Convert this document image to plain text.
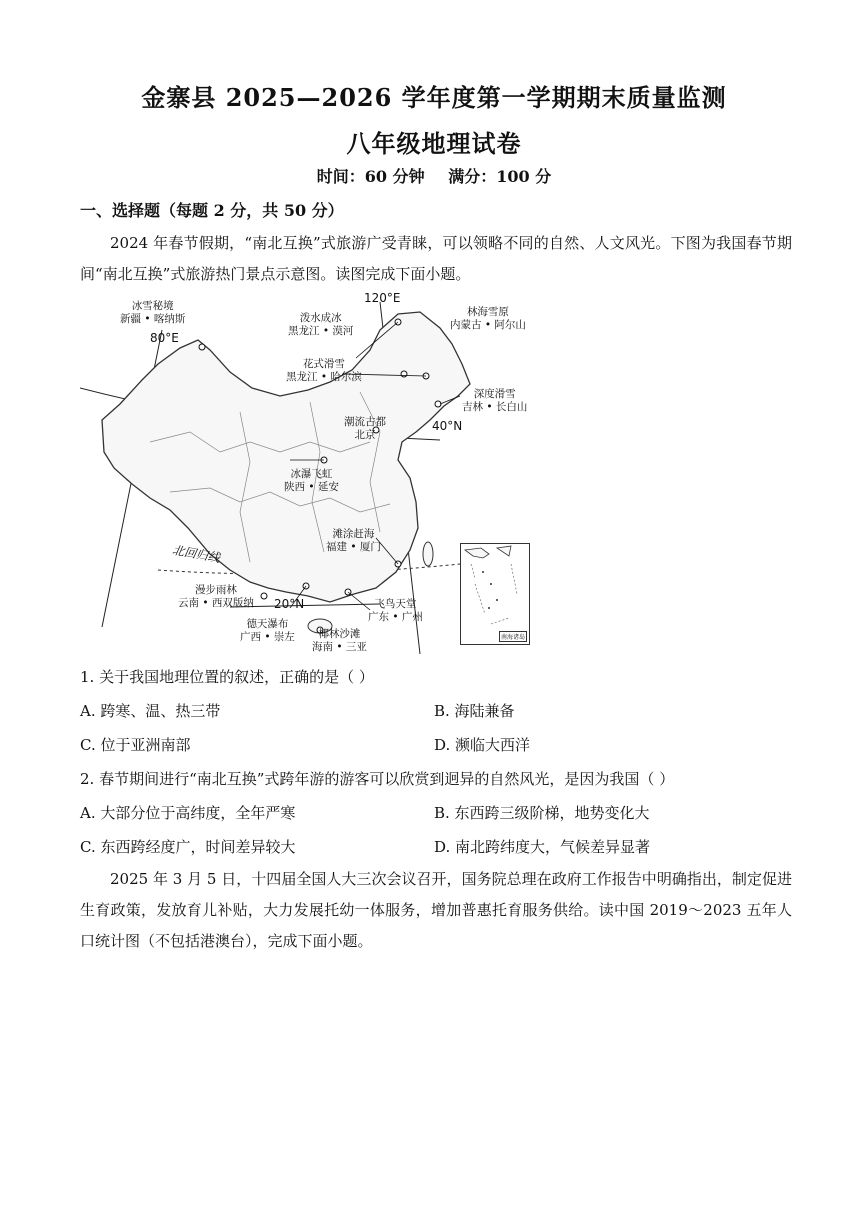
金寨县 2025—2026 学年度第一学期期末质量监测
八年级地理试卷
时间：60 分钟 满分：100 分
一、选择题（每题 2 分，共 50 分）
2024 年春节假期，“南北互换”式旅游广受青睐，可以领略不同的自然、人文风光。下图为我国春节期间“南北互换”式旅游热门景点示意图。读图完成下面小题。
120°E
80°E
40°N
20°N
北回归线
冰雪秘境
新疆 • 喀纳斯	泼水成冰
黑龙江 • 漠河
林海雪原
内蒙古 • 阿尔山
花式滑雪
黑龙江 • 哈尔滨
深度滑雪
吉林 • 长白山
潮流古都
北京
冰瀑飞虹
陕西 • 延安
滩涂赶海
福建 • 厦门
漫步雨林
云南 • 西双版纳
德天瀑布
广西 • 崇左
飞鸟天堂
广东 • 广州
椰林沙滩
海南 • 三亚
南海诸岛
1. 关于我国地理位置的叙述，正确的是（ ）
A. 跨寒、温、热三带	B. 海陆兼备
C. 位于亚洲南部	D. 濒临大西洋
2. 春节期间进行“南北互换”式跨年游的游客可以欣赏到迥异的自然风光，是因为我国（ ）
A. 大部分位于高纬度，全年严寒	B. 东西跨三级阶梯，地势变化大
C. 东西跨经度广，时间差异较大	D. 南北跨纬度大，气候差异显著
2025 年 3 月 5 日，十四届全国人大三次会议召开，国务院总理在政府工作报告中明确指出，制定促进生育政策，发放育儿补贴，大力发展托幼一体服务，增加普惠托育服务供给。读中国 2019～2023 五年人口统计图（不包括港澳台），完成下面小题。
